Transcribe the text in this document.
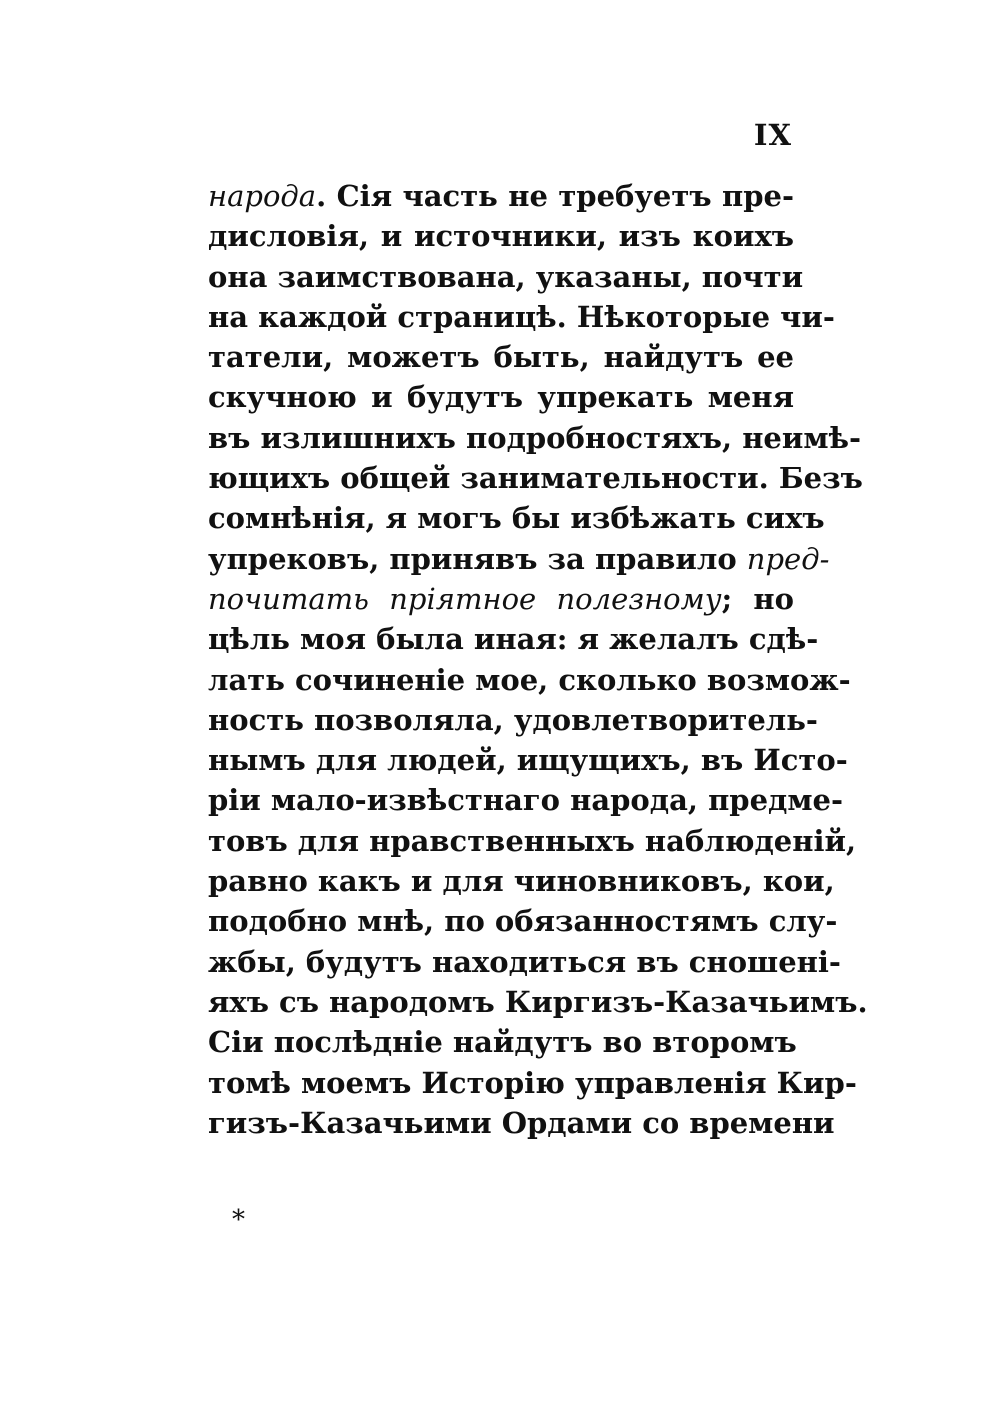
IX
народа. Сія часть не требуетъ пре-
дисловія, и источники, изъ коихъ
она заимствована, указаны, почти
на каждой страницѣ. Нѣкоторые чи-
татели, можетъ быть, найдутъ ее
скучною и будутъ упрекать меня
въ излишнихъ подробностяхъ, неимѣ-
ющихъ общей занимательности. Безъ
сомнѣнія, я могъ бы избѣжать сихъ
упрековъ, принявъ за правило пред-
почитать пріятное полезному; но
цѣль моя была иная: я желалъ сдѣ-
лать сочиненіе мое, сколько возмож-
ность позволяла, удовлетворитель-
нымъ для людей, ищущихъ, въ Исто-
ріи мало-извѣстнаго народа, предме-
товъ для нравственныхъ наблюденій,
равно какъ и для чиновниковъ, кои,
подобно мнѣ, по обязанностямъ слу-
жбы, будутъ находиться въ сношені-
яхъ съ народомъ Киргизъ-Казачьимъ.
Сіи послѣдніе найдутъ во второмъ
томѣ моемъ Исторію управленія Кир-
гизъ-Казачьими Ордами со времени
*
